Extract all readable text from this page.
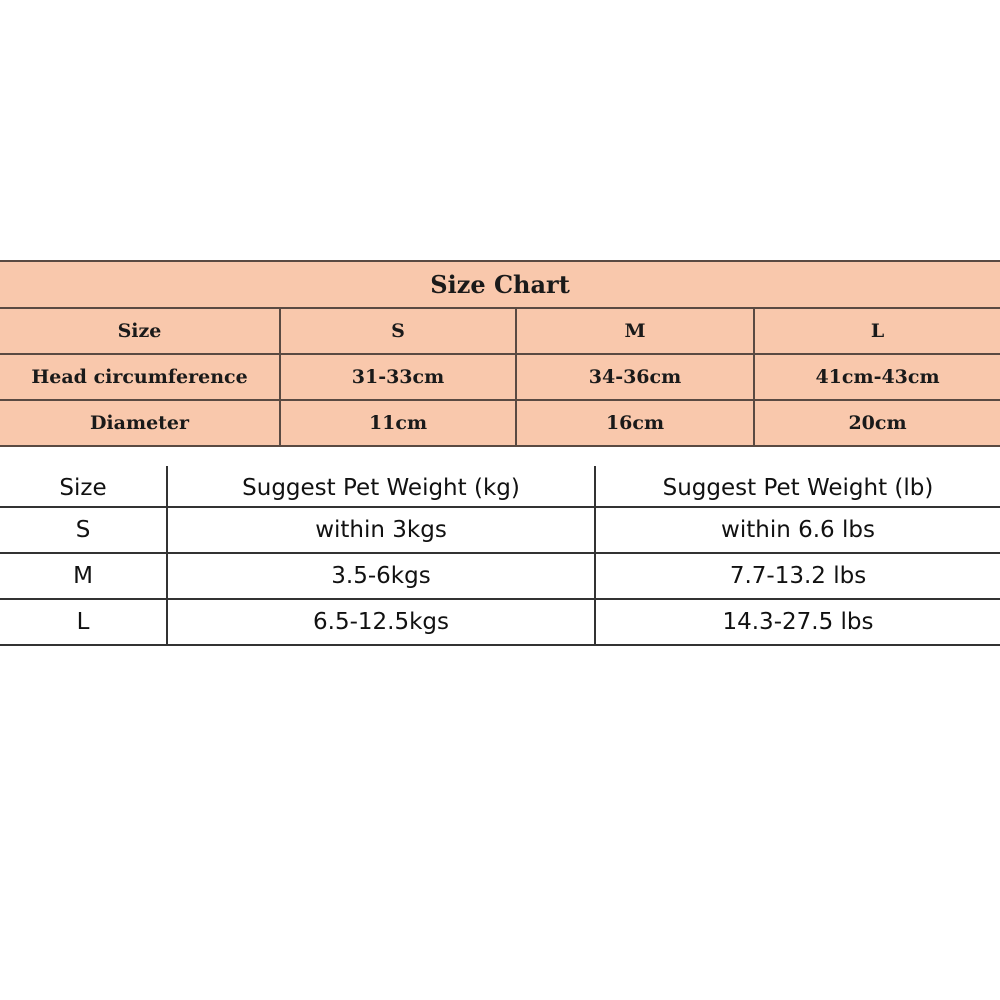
Size Chart			
Size	S	M	L
Head circumference	31-33cm	34-36cm	41cm-43cm
Diameter	11cm	16cm	20cm
Size	Suggest Pet Weight (kg)	Suggest Pet Weight (lb)
S	within 3kgs	within 6.6 lbs
M	3.5-6kgs	7.7-13.2 lbs
L	6.5-12.5kgs	14.3-27.5 lbs
